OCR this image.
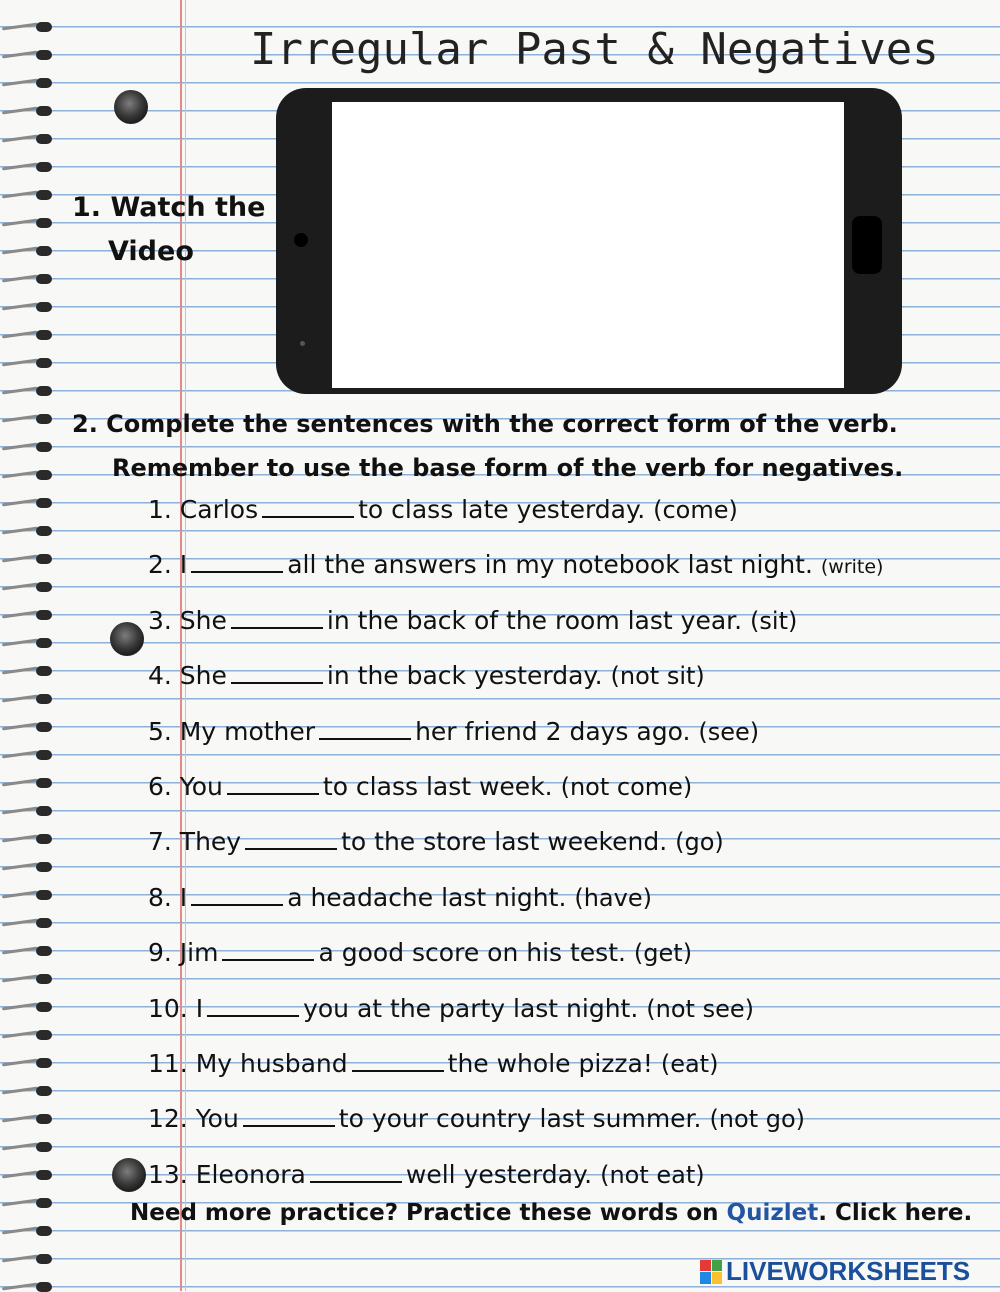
Irregular Past & Negatives
1. Watch the
Video
2. Complete the sentences with the correct form of the verb.
Remember to use the base form of the verb for negatives.
1. Carlos	to class late yesterday. (come)
2. I	all the answers in my notebook last night. (write)
3. She	in the back of the room last year. (sit)
4. She	in the back yesterday. (not sit)
5. My mother	her friend 2 days ago. (see)
6. You	to class last week. (not come)
7. They	to the store last weekend. (go)
8. I	a headache last night. (have)
9. Jim	a good score on his test. (get)
10. I	you at the party last night. (not see)
11. My husband	the whole pizza! (eat)
12. You	to your country last summer. (not go)
13. Eleonora	well yesterday. (not eat)
Need more practice? Practice these words on Quizlet. Click here.
LIVEWORKSHEETS
